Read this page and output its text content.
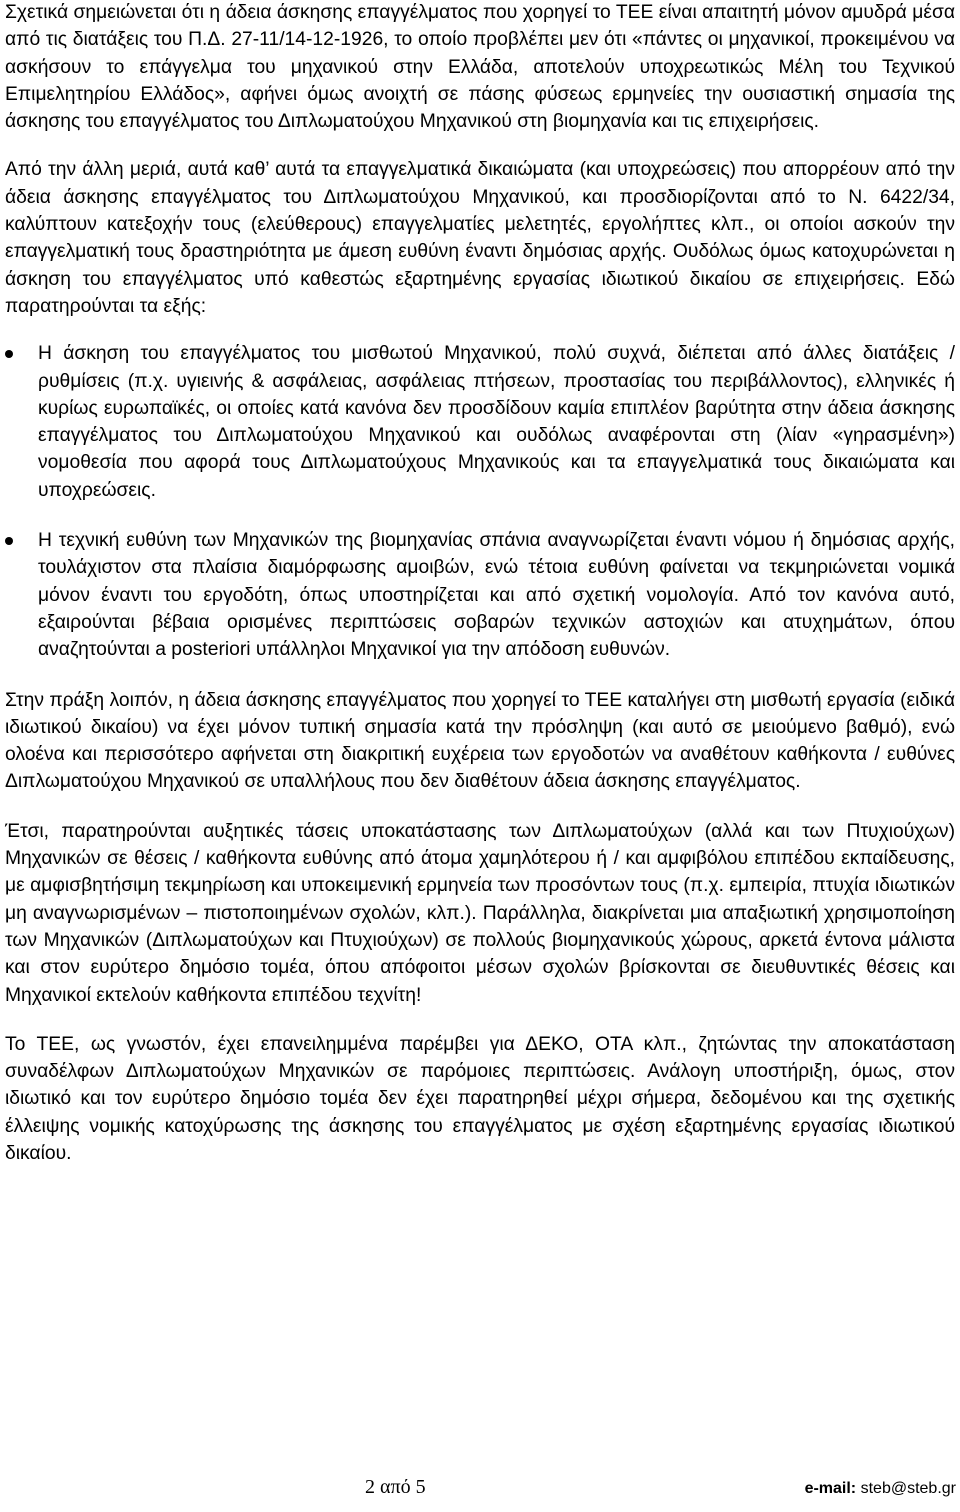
Σχετικά σημειώνεται ότι η άδεια άσκησης επαγγέλματος που χορηγεί το ΤΕΕ είναι απαιτητή μόνον αμυδρά μέσα από τις διατάξεις του Π.Δ. 27-11/14-12-1926, το οποίο προβλέπει μεν ότι «πάντες οι μηχανικοί, προκειμένου να ασκήσουν το επάγγελμα του μηχανικού στην Ελλάδα, αποτελούν υποχρεωτικώς Μέλη του Τεχνικού Επιμελητηρίου Ελλάδος», αφήνει όμως ανοιχτή σε πάσης φύσεως ερμηνείες την ουσιαστική σημασία της άσκησης του επαγγέλματος του Διπλωματούχου Μηχανικού στη βιομηχανία και τις επιχειρήσεις.

Από την άλλη μεριά, αυτά καθ’ αυτά τα επαγγελματικά δικαιώματα (και υποχρεώσεις) που απορρέουν από την άδεια άσκησης επαγγέλματος του Διπλωματούχου Μηχανικού, και προσδιορίζονται από το Ν. 6422/34, καλύπτουν κατεξοχήν τους (ελεύθερους) επαγγελματίες μελετητές, εργολήπτες κλπ., οι οποίοι ασκούν την επαγγελματική τους δραστηριότητα με άμεση ευθύνη έναντι δημόσιας αρχής. Ουδόλως όμως κατοχυρώνεται η άσκηση του επαγγέλματος υπό καθεστώς εξαρτημένης εργασίας ιδιωτικού δικαίου σε επιχειρήσεις. Εδώ παρατηρούνται τα εξής:

Η άσκηση του επαγγέλματος του μισθωτού Μηχανικού, πολύ συχνά, διέπεται από άλλες διατάξεις / ρυθμίσεις (π.χ. υγιεινής & ασφάλειας, ασφάλειας πτήσεων, προστασίας του περιβάλλοντος), ελληνικές ή κυρίως ευρωπαϊκές, οι οποίες κατά κανόνα δεν προσδίδουν καμία επιπλέον βαρύτητα στην άδεια άσκησης επαγγέλματος του Διπλωματούχου Μηχανικού και ουδόλως αναφέρονται στη (λίαν «γηρασμένη») νομοθεσία που αφορά τους Διπλωματούχους Μηχανικούς και τα επαγγελματικά τους δικαιώματα και υποχρεώσεις.
Η τεχνική ευθύνη των Μηχανικών της βιομηχανίας σπάνια αναγνωρίζεται έναντι νόμου ή δημόσιας αρχής, τουλάχιστον στα πλαίσια διαμόρφωσης αμοιβών, ενώ τέτοια ευθύνη φαίνεται να τεκμηριώνεται νομικά μόνον έναντι του εργοδότη, όπως υποστηρίζεται και από σχετική νομολογία. Από τον κανόνα αυτό, εξαιρούνται βέβαια ορισμένες περιπτώσεις σοβαρών τεχνικών αστοχιών και ατυχημάτων, όπου αναζητούνται a posteriori υπάλληλοι Μηχανικοί για την απόδοση ευθυνών.

Στην πράξη λοιπόν, η άδεια άσκησης επαγγέλματος που χορηγεί το ΤΕΕ καταλήγει στη μισθωτή εργασία (ειδικά ιδιωτικού δικαίου) να έχει μόνον τυπική σημασία κατά την πρόσληψη (και αυτό σε μειούμενο βαθμό), ενώ ολοένα και περισσότερο αφήνεται στη διακριτική ευχέρεια των εργοδοτών να αναθέτουν καθήκοντα / ευθύνες Διπλωματούχου Μηχανικού σε υπαλλήλους που δεν διαθέτουν άδεια άσκησης επαγγέλματος.

Έτσι, παρατηρούνται αυξητικές τάσεις υποκατάστασης των Διπλωματούχων (αλλά και των Πτυχιούχων) Μηχανικών σε θέσεις / καθήκοντα ευθύνης από άτομα χαμηλότερου ή / και αμφιβόλου επιπέδου εκπαίδευσης, με αμφισβητήσιμη τεκμηρίωση και υποκειμενική ερμηνεία των προσόντων τους (π.χ. εμπειρία, πτυχία ιδιωτικών μη αναγνωρισμένων – πιστοποιημένων σχολών, κλπ.). Παράλληλα, διακρίνεται μια απαξιωτική χρησιμοποίηση των Μηχανικών (Διπλωματούχων και Πτυχιούχων) σε πολλούς βιομηχανικούς χώρους, αρκετά έντονα μάλιστα και στον ευρύτερο δημόσιο τομέα, όπου απόφοιτοι μέσων σχολών βρίσκονται σε διευθυντικές θέσεις και Μηχανικοί εκτελούν καθήκοντα επιπέδου τεχνίτη!

Το ΤΕΕ, ως γνωστόν, έχει επανειλημμένα παρέμβει για ΔΕΚΟ, ΟΤΑ κλπ., ζητώντας την αποκατάσταση συναδέλφων Διπλωματούχων Μηχανικών σε παρόμοιες περιπτώσεις. Ανάλογη υποστήριξη, όμως, στον ιδιωτικό και τον ευρύτερο δημόσιο τομέα δεν έχει παρατηρηθεί μέχρι σήμερα, δεδομένου και της σχετικής έλλειψης νομικής κατοχύρωσης της άσκησης του επαγγέλματος με σχέση εξαρτημένης εργασίας ιδιωτικού δικαίου.

2 από 5	e-mail: steb@steb.gr
